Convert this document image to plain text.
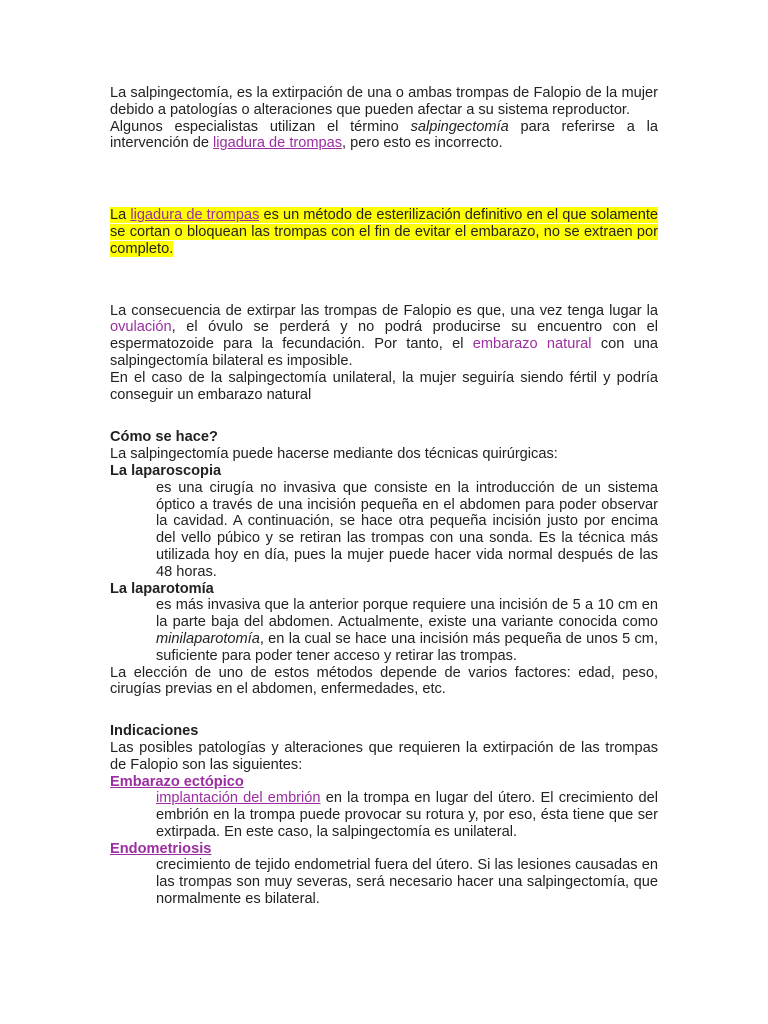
La salpingectomía, es la extirpación de una o ambas trompas de Falopio de la mujer debido a patologías o alteraciones que pueden afectar a su sistema reproductor.

Algunos especialistas utilizan el término salpingectomía para referirse a la intervención de ligadura de trompas, pero esto es incorrecto.

La ligadura de trompas es un método de esterilización definitivo en el que solamente se cortan o bloquean las trompas con el fin de evitar el embarazo, no se extraen por completo.

La consecuencia de extirpar las trompas de Falopio es que, una vez tenga lugar la ovulación, el óvulo se perderá y no podrá producirse su encuentro con el espermatozoide para la fecundación. Por tanto, el embarazo natural con una salpingectomía bilateral es imposible.

En el caso de la salpingectomía unilateral, la mujer seguiría siendo fértil y podría conseguir un embarazo natural

Cómo se hace?

La salpingectomía puede hacerse mediante dos técnicas quirúrgicas:

La laparoscopia

es una cirugía no invasiva que consiste en la introducción de un sistema óptico a través de una incisión pequeña en el abdomen para poder observar la cavidad. A continuación, se hace otra pequeña incisión justo por encima del vello púbico y se retiran las trompas con una sonda. Es la técnica más utilizada hoy en día, pues la mujer puede hacer vida normal después de las 48 horas.

La laparotomía

es más invasiva que la anterior porque requiere una incisión de 5 a 10 cm en la parte baja del abdomen. Actualmente, existe una variante conocida como minilaparotomía, en la cual se hace una incisión más pequeña de unos 5 cm, suficiente para poder tener acceso y retirar las trompas.

La elección de uno de estos métodos depende de varios factores: edad, peso, cirugías previas en el abdomen, enfermedades, etc.

Indicaciones

Las posibles patologías y alteraciones que requieren la extirpación de las trompas de Falopio son las siguientes:

Embarazo ectópico

implantación del embrión en la trompa en lugar del útero. El crecimiento del embrión en la trompa puede provocar su rotura y, por eso, ésta tiene que ser extirpada. En este caso, la salpingectomía es unilateral.

Endometriosis

crecimiento de tejido endometrial fuera del útero. Si las lesiones causadas en las trompas son muy severas, será necesario hacer una salpingectomía, que normalmente es bilateral.
